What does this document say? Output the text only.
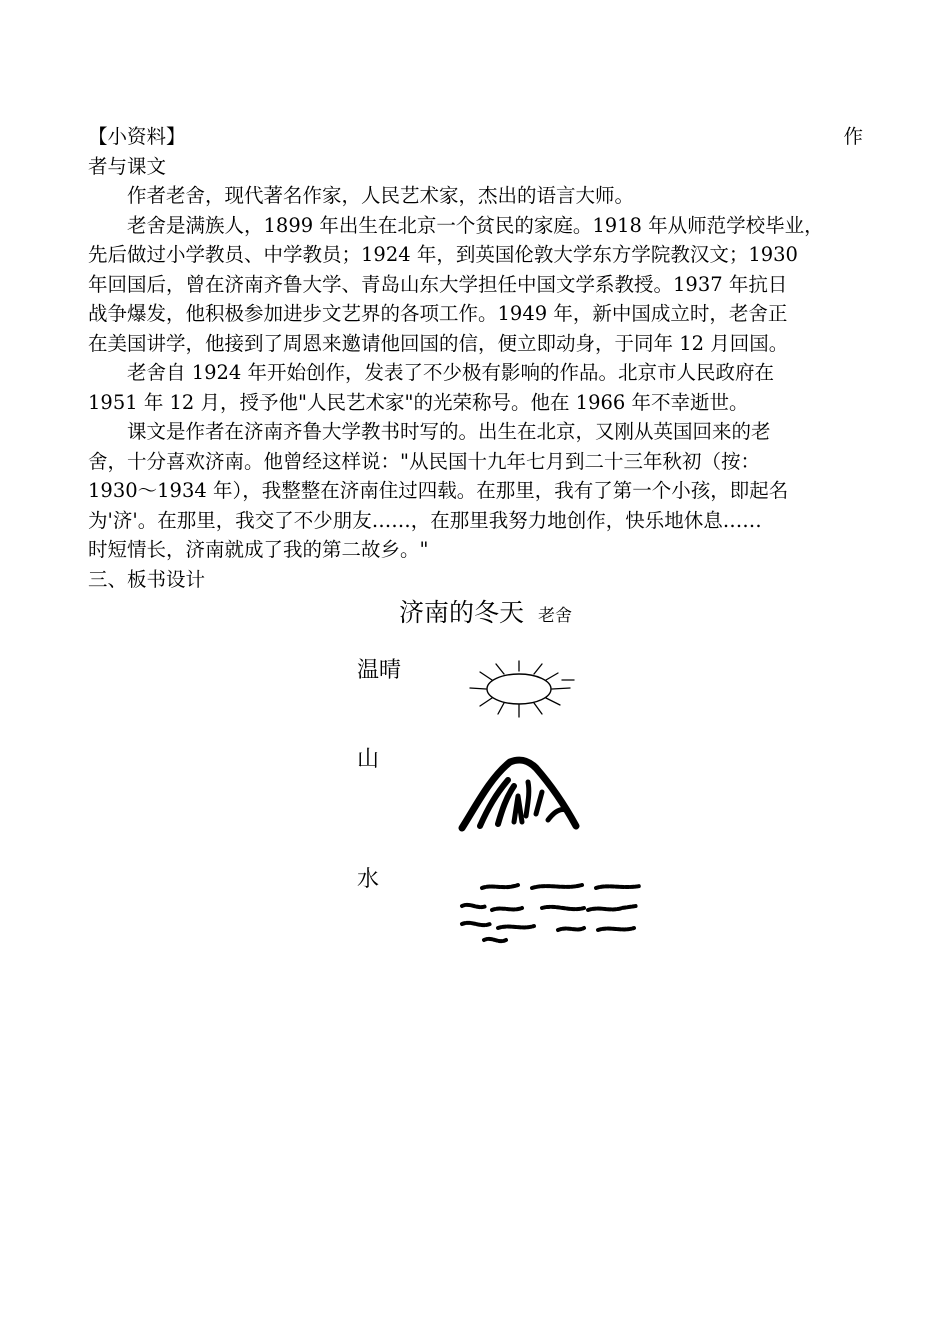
【小资料】	作
者与课文
作者老舍，现代著名作家，人民艺术家，杰出的语言大师。
老舍是满族人，1899 年出生在北京一个贫民的家庭。1918 年从师范学校毕业，
先后做过小学教员、中学教员；1924 年，到英国伦敦大学东方学院教汉文；1930
年回国后，曾在济南齐鲁大学、青岛山东大学担任中国文学系教授。1937 年抗日
战争爆发，他积极参加进步文艺界的各项工作。1949 年，新中国成立时，老舍正
在美国讲学，他接到了周恩来邀请他回国的信，便立即动身，于同年 12 月回国。
老舍自 1924 年开始创作，发表了不少极有影响的作品。北京市人民政府在
1951 年 12 月，授予他"人民艺术家"的光荣称号。他在 1966 年不幸逝世。
课文是作者在济南齐鲁大学教书时写的。出生在北京，又刚从英国回来的老
舍，十分喜欢济南。他曾经这样说："从民国十九年七月到二十三年秋初（按：
1930～1934 年），我整整在济南住过四载。在那里，我有了第一个小孩，即起名
为'济'。在那里，我交了不少朋友……，在那里我努力地创作，快乐地休息……
时短情长，济南就成了我的第二故乡。"
三、板书设计
济南的冬天 老舍
温晴
山
水
